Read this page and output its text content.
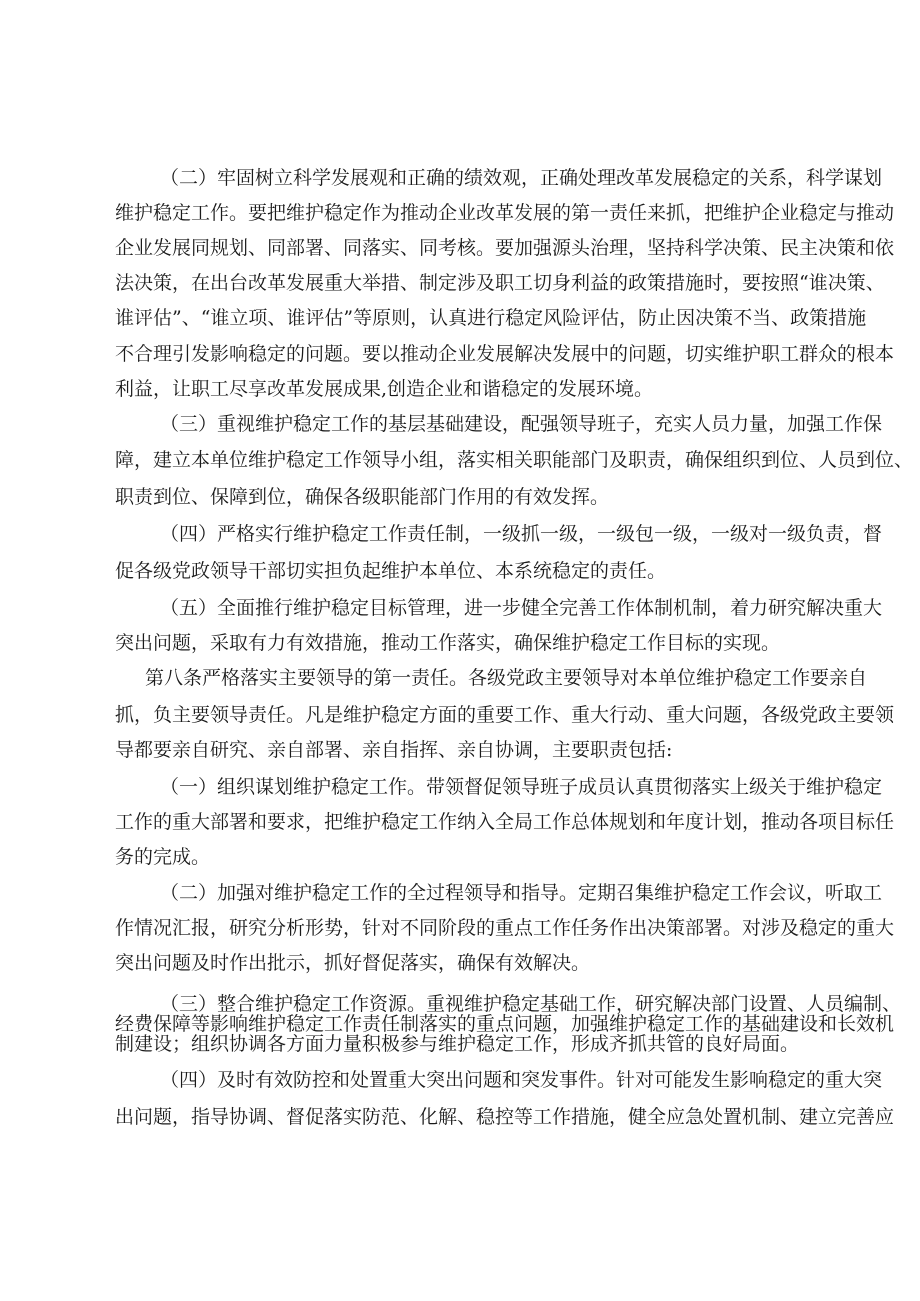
（二）牢固树立科学发展观和正确的绩效观，正确处理改革发展稳定的关系，科学谋划
维护稳定工作。要把维护稳定作为推动企业改革发展的第一责任来抓，把维护企业稳定与推动
企业发展同规划、同部署、同落实、同考核。要加强源头治理，坚持科学决策、民主决策和依
法决策，在出台改革发展重大举措、制定涉及职工切身利益的政策措施时，要按照“谁决策、
谁评估”、“谁立项、谁评估”等原则，认真进行稳定风险评估，防止因决策不当、政策措施
不合理引发影响稳定的问题。要以推动企业发展解决发展中的问题，切实维护职工群众的根本
利益，让职工尽享改革发展成果,创造企业和谐稳定的发展环境。
（三）重视维护稳定工作的基层基础建设，配强领导班子，充实人员力量，加强工作保
障，建立本单位维护稳定工作领导小组，落实相关职能部门及职责，确保组织到位、人员到位、
职责到位、保障到位，确保各级职能部门作用的有效发挥。
（四）严格实行维护稳定工作责任制，一级抓一级，一级包一级，一级对一级负责，督
促各级党政领导干部切实担负起维护本单位、本系统稳定的责任。
（五）全面推行维护稳定目标管理，进一步健全完善工作体制机制，着力研究解决重大
突出问题，采取有力有效措施，推动工作落实，确保维护稳定工作目标的实现。
第八条严格落实主要领导的第一责任。各级党政主要领导对本单位维护稳定工作要亲自
抓，负主要领导责任。凡是维护稳定方面的重要工作、重大行动、重大问题，各级党政主要领
导都要亲自研究、亲自部署、亲自指挥、亲自协调，主要职责包括:
（一）组织谋划维护稳定工作。带领督促领导班子成员认真贯彻落实上级关于维护稳定
工作的重大部署和要求，把维护稳定工作纳入全局工作总体规划和年度计划，推动各项目标任
务的完成。
（二）加强对维护稳定工作的全过程领导和指导。定期召集维护稳定工作会议，听取工
作情况汇报，研究分析形势，针对不同阶段的重点工作任务作出决策部署。对涉及稳定的重大
突出问题及时作出批示，抓好督促落实，确保有效解决。
（三）整合维护稳定工作资源。重视维护稳定基础工作，研究解决部门设置、人员编制、
经费保障等影响维护稳定工作责任制落实的重点问题，加强维护稳定工作的基础建设和长效机
制建设；组织协调各方面力量积极参与维护稳定工作，形成齐抓共管的良好局面。
（四）及时有效防控和处置重大突出问题和突发事件。针对可能发生影响稳定的重大突
出问题，指导协调、督促落实防范、化解、稳控等工作措施，健全应急处置机制、建立完善应
